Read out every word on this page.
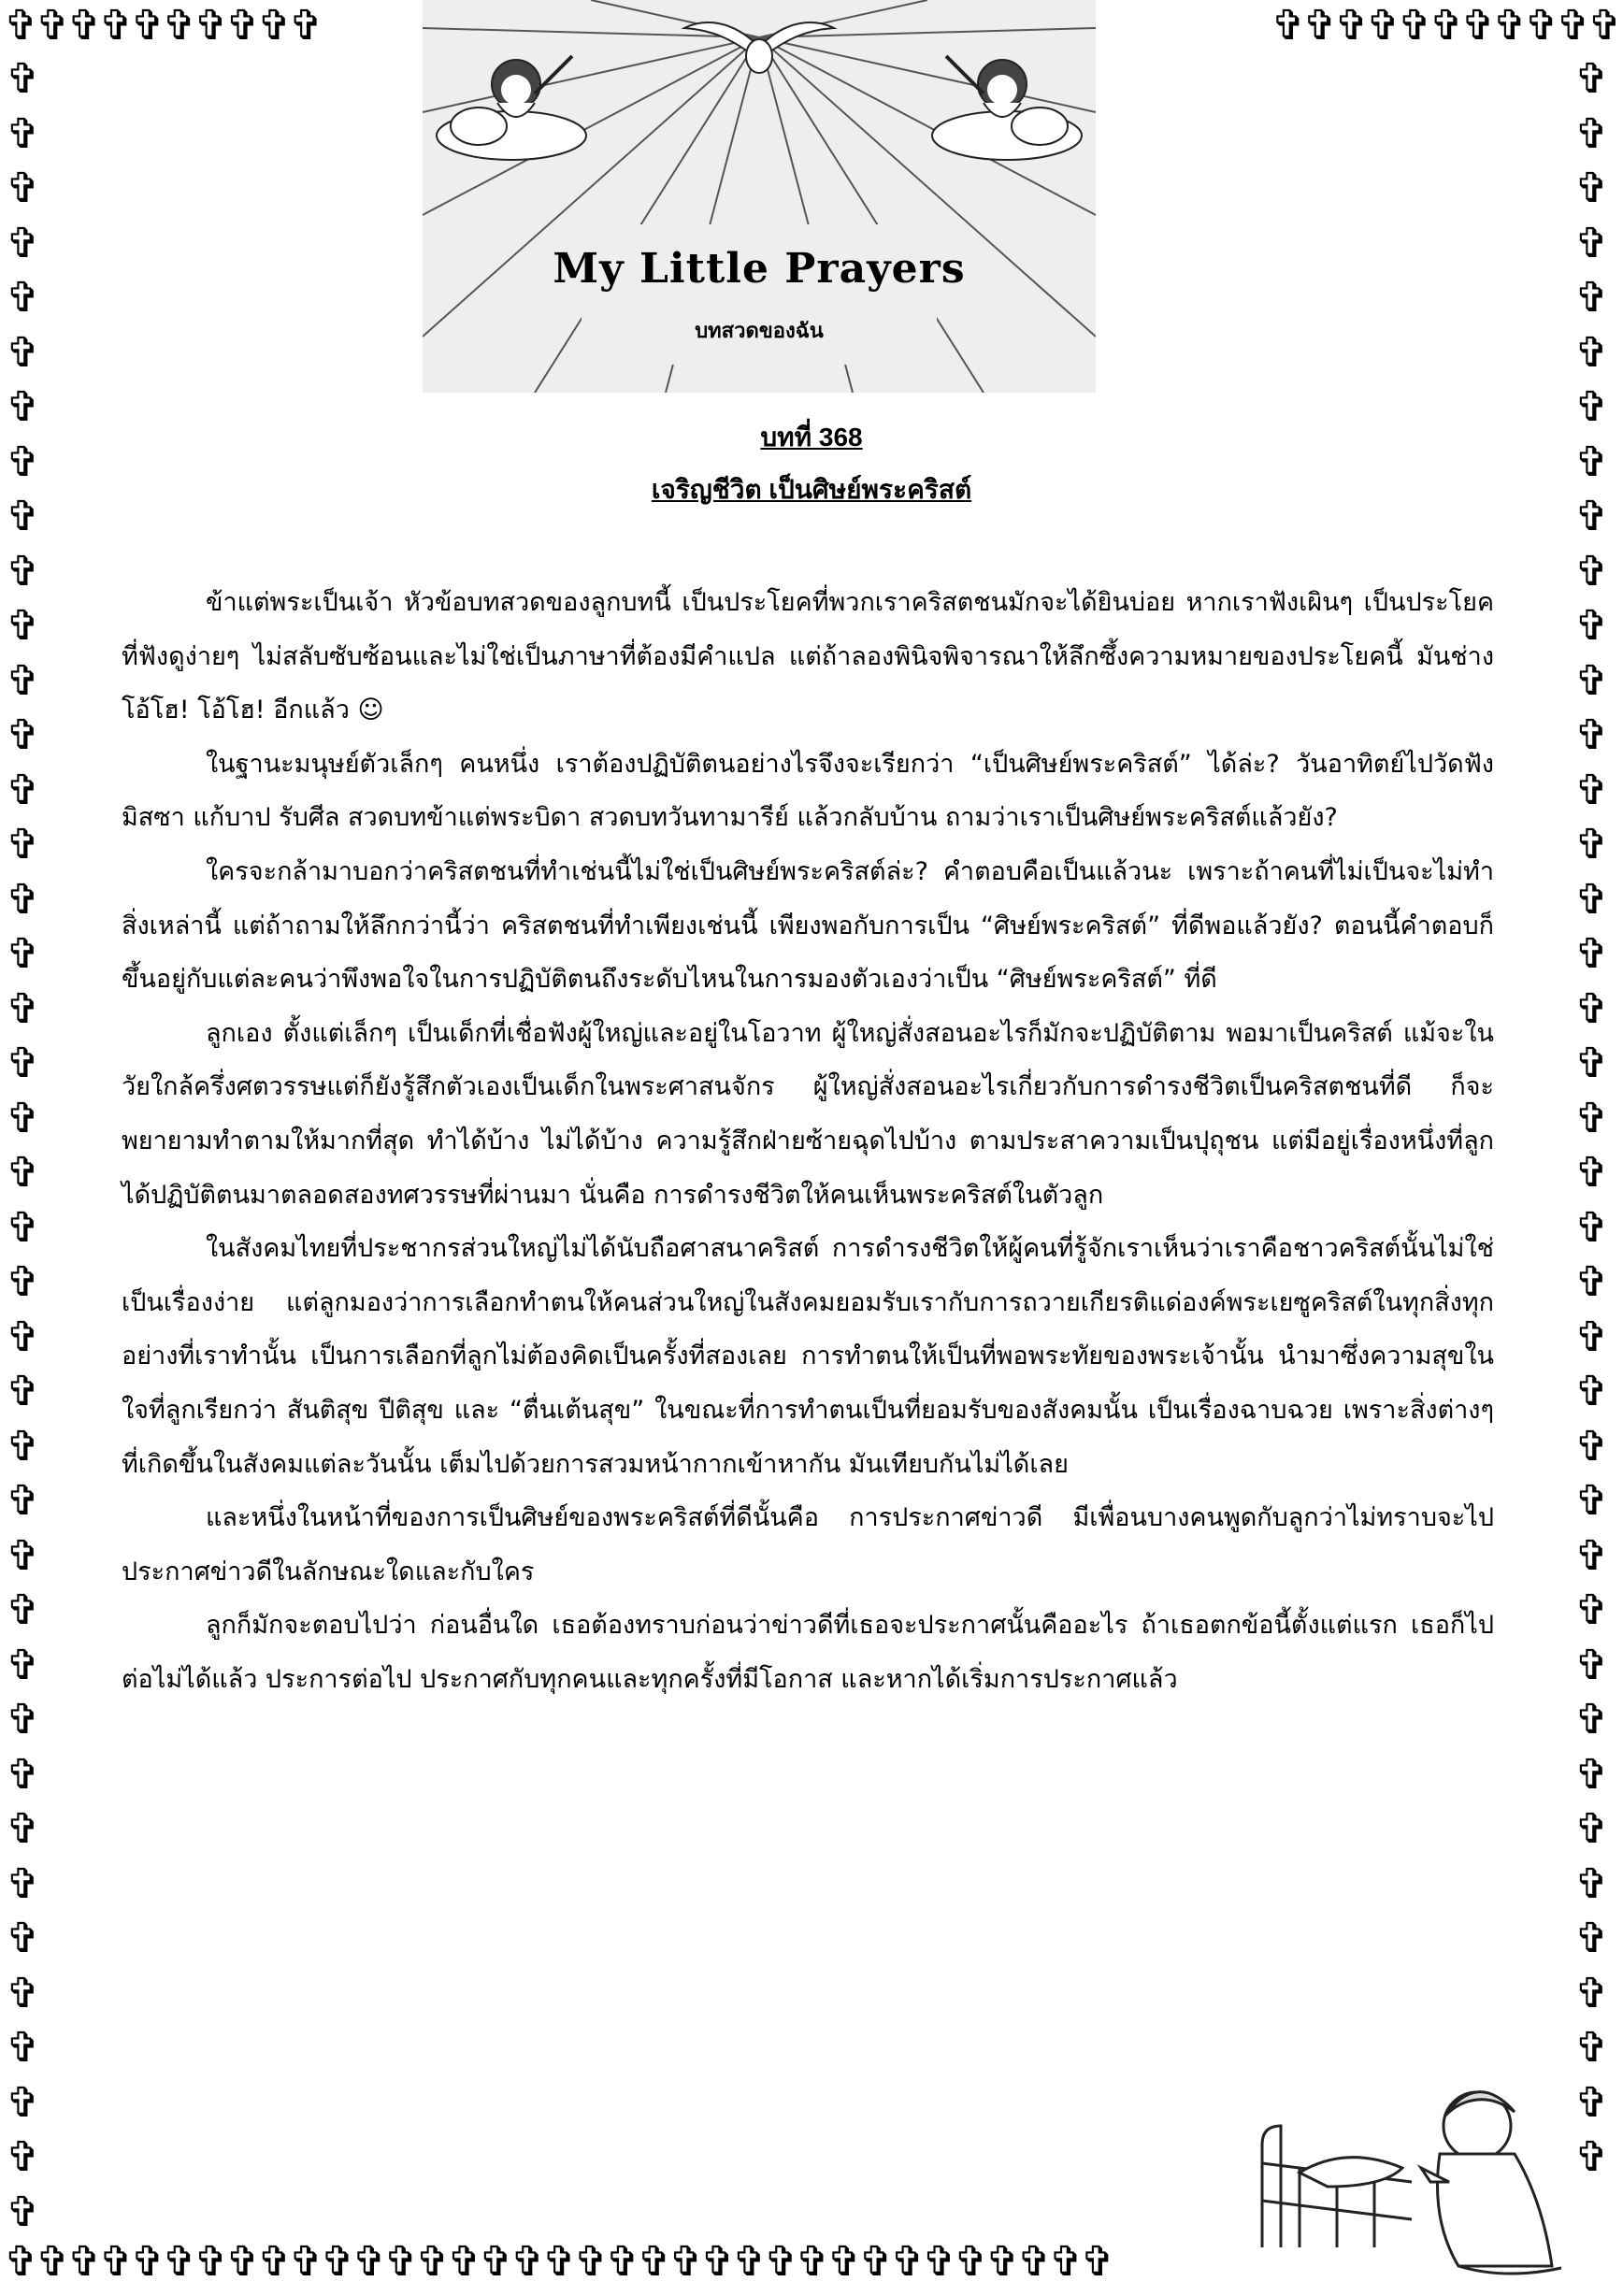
✞✞✞✞✞✞✞✞✞✞	✞✞✞✞✞✞✞✞✞✞✞
✞ ✞ ✞ ✞ ✞ ✞ ✞ ✞ ✞ ✞ ✞ ✞ ✞ ✞ ✞ ✞ ✞ ✞ ✞ ✞ ✞ ✞ ✞ ✞ ✞ ✞ ✞ ✞ ✞ ✞ ✞ ✞ ✞ ✞ ✞ ✞ ✞ ✞ ✞ ✞
✞ ✞ ✞ ✞ ✞ ✞ ✞ ✞ ✞ ✞ ✞ ✞ ✞ ✞ ✞ ✞ ✞ ✞ ✞ ✞ ✞ ✞ ✞ ✞ ✞ ✞ ✞ ✞ ✞ ✞ ✞ ✞ ✞ ✞ ✞ ✞ ✞ ✞ ✞
✞✞✞✞✞✞✞✞✞✞✞✞✞✞✞✞✞✞✞✞✞✞✞✞✞✞✞✞✞✞✞✞✞✞✞
My Little Prayers
บทสวดของฉัน
บทที่ 368
เจริญชีวิต เป็นศิษย์พระคริสต์

ข้าแต่พระเป็นเจ้า หัวข้อบทสวดของลูกบทนี้ เป็นประโยคที่พวกเราคริสตชนมักจะได้ยินบ่อย หากเราฟังเผินๆ เป็นประโยคที่ฟังดูง่ายๆ ไม่สลับซับซ้อนและไม่ใช่เป็นภาษาที่ต้องมีคำแปล แต่ถ้าลองพินิจพิจารณาให้ลึกซึ้งความหมายของประโยคนี้ มันช่างโอ้โฮ! โอ้โฮ! อีกแล้ว ☺

ในฐานะมนุษย์ตัวเล็กๆ คนหนึ่ง เราต้องปฏิบัติตนอย่างไรจึงจะเรียกว่า “เป็นศิษย์พระคริสต์” ได้ล่ะ? วันอาทิตย์ไปวัดฟังมิสซา แก้บาป รับศีล สวดบทข้าแต่พระบิดา สวดบทวันทามารีย์ แล้วกลับบ้าน ถามว่าเราเป็นศิษย์พระคริสต์แล้วยัง?

ใครจะกล้ามาบอกว่าคริสตชนที่ทำเช่นนี้ไม่ใช่เป็นศิษย์พระคริสต์ล่ะ? คำตอบคือเป็นแล้วนะ เพราะถ้าคนที่ไม่เป็นจะไม่ทำสิ่งเหล่านี้ แต่ถ้าถามให้ลึกกว่านี้ว่า คริสตชนที่ทำเพียงเช่นนี้ เพียงพอกับการเป็น “ศิษย์พระคริสต์” ที่ดีพอแล้วยัง? ตอนนี้คำตอบก็ขึ้นอยู่กับแต่ละคนว่าพึงพอใจในการปฏิบัติตนถึงระดับไหนในการมองตัวเองว่าเป็น “ศิษย์พระคริสต์” ที่ดี

ลูกเอง ตั้งแต่เล็กๆ เป็นเด็กที่เชื่อฟังผู้ใหญ่และอยู่ในโอวาท ผู้ใหญ่สั่งสอนอะไรก็มักจะปฏิบัติตาม พอมาเป็นคริสต์ แม้จะในวัยใกล้ครึ่งศตวรรษแต่ก็ยังรู้สึกตัวเองเป็นเด็กในพระศาสนจักร ผู้ใหญ่สั่งสอนอะไรเกี่ยวกับการดำรงชีวิตเป็นคริสตชนที่ดี ก็จะพยายามทำตามให้มากที่สุด ทำได้บ้าง ไม่ได้บ้าง ความรู้สึกฝ่ายซ้ายฉุดไปบ้าง ตามประสาความเป็นปุถุชน แต่มีอยู่เรื่องหนึ่งที่ลูกได้ปฏิบัติตนมาตลอดสองทศวรรษที่ผ่านมา นั่นคือ การดำรงชีวิตให้คนเห็นพระคริสต์ในตัวลูก

ในสังคมไทยที่ประชากรส่วนใหญ่ไม่ได้นับถือศาสนาคริสต์ การดำรงชีวิตให้ผู้คนที่รู้จักเราเห็นว่าเราคือชาวคริสต์นั้นไม่ใช่เป็นเรื่องง่าย แต่ลูกมองว่าการเลือกทำตนให้คนส่วนใหญ่ในสังคมยอมรับเรากับการถวายเกียรติแด่องค์พระเยซูคริสต์ในทุกสิ่งทุกอย่างที่เราทำนั้น เป็นการเลือกที่ลูกไม่ต้องคิดเป็นครั้งที่สองเลย การทำตนให้เป็นที่พอพระทัยของพระเจ้านั้น นำมาซึ่งความสุขในใจที่ลูกเรียกว่า สันติสุข ปีติสุข และ “ตื่นเต้นสุข” ในขณะที่การทำตนเป็นที่ยอมรับของสังคมนั้น เป็นเรื่องฉาบฉวย เพราะสิ่งต่างๆ ที่เกิดขึ้นในสังคมแต่ละวันนั้น เต็มไปด้วยการสวมหน้ากากเข้าหากัน มันเทียบกันไม่ได้เลย

และหนึ่งในหน้าที่ของการเป็นศิษย์ของพระคริสต์ที่ดีนั้นคือ การประกาศข่าวดี มีเพื่อนบางคนพูดกับลูกว่าไม่ทราบจะไปประกาศข่าวดีในลักษณะใดและกับใคร

ลูกก็มักจะตอบไปว่า ก่อนอื่นใด เธอต้องทราบก่อนว่าข่าวดีที่เธอจะประกาศนั้นคืออะไร ถ้าเธอตกข้อนี้ตั้งแต่แรก เธอก็ไปต่อไม่ได้แล้ว ประการต่อไป ประกาศกับทุกคนและทุกครั้งที่มีโอกาส และหากได้เริ่มการประกาศแล้ว
